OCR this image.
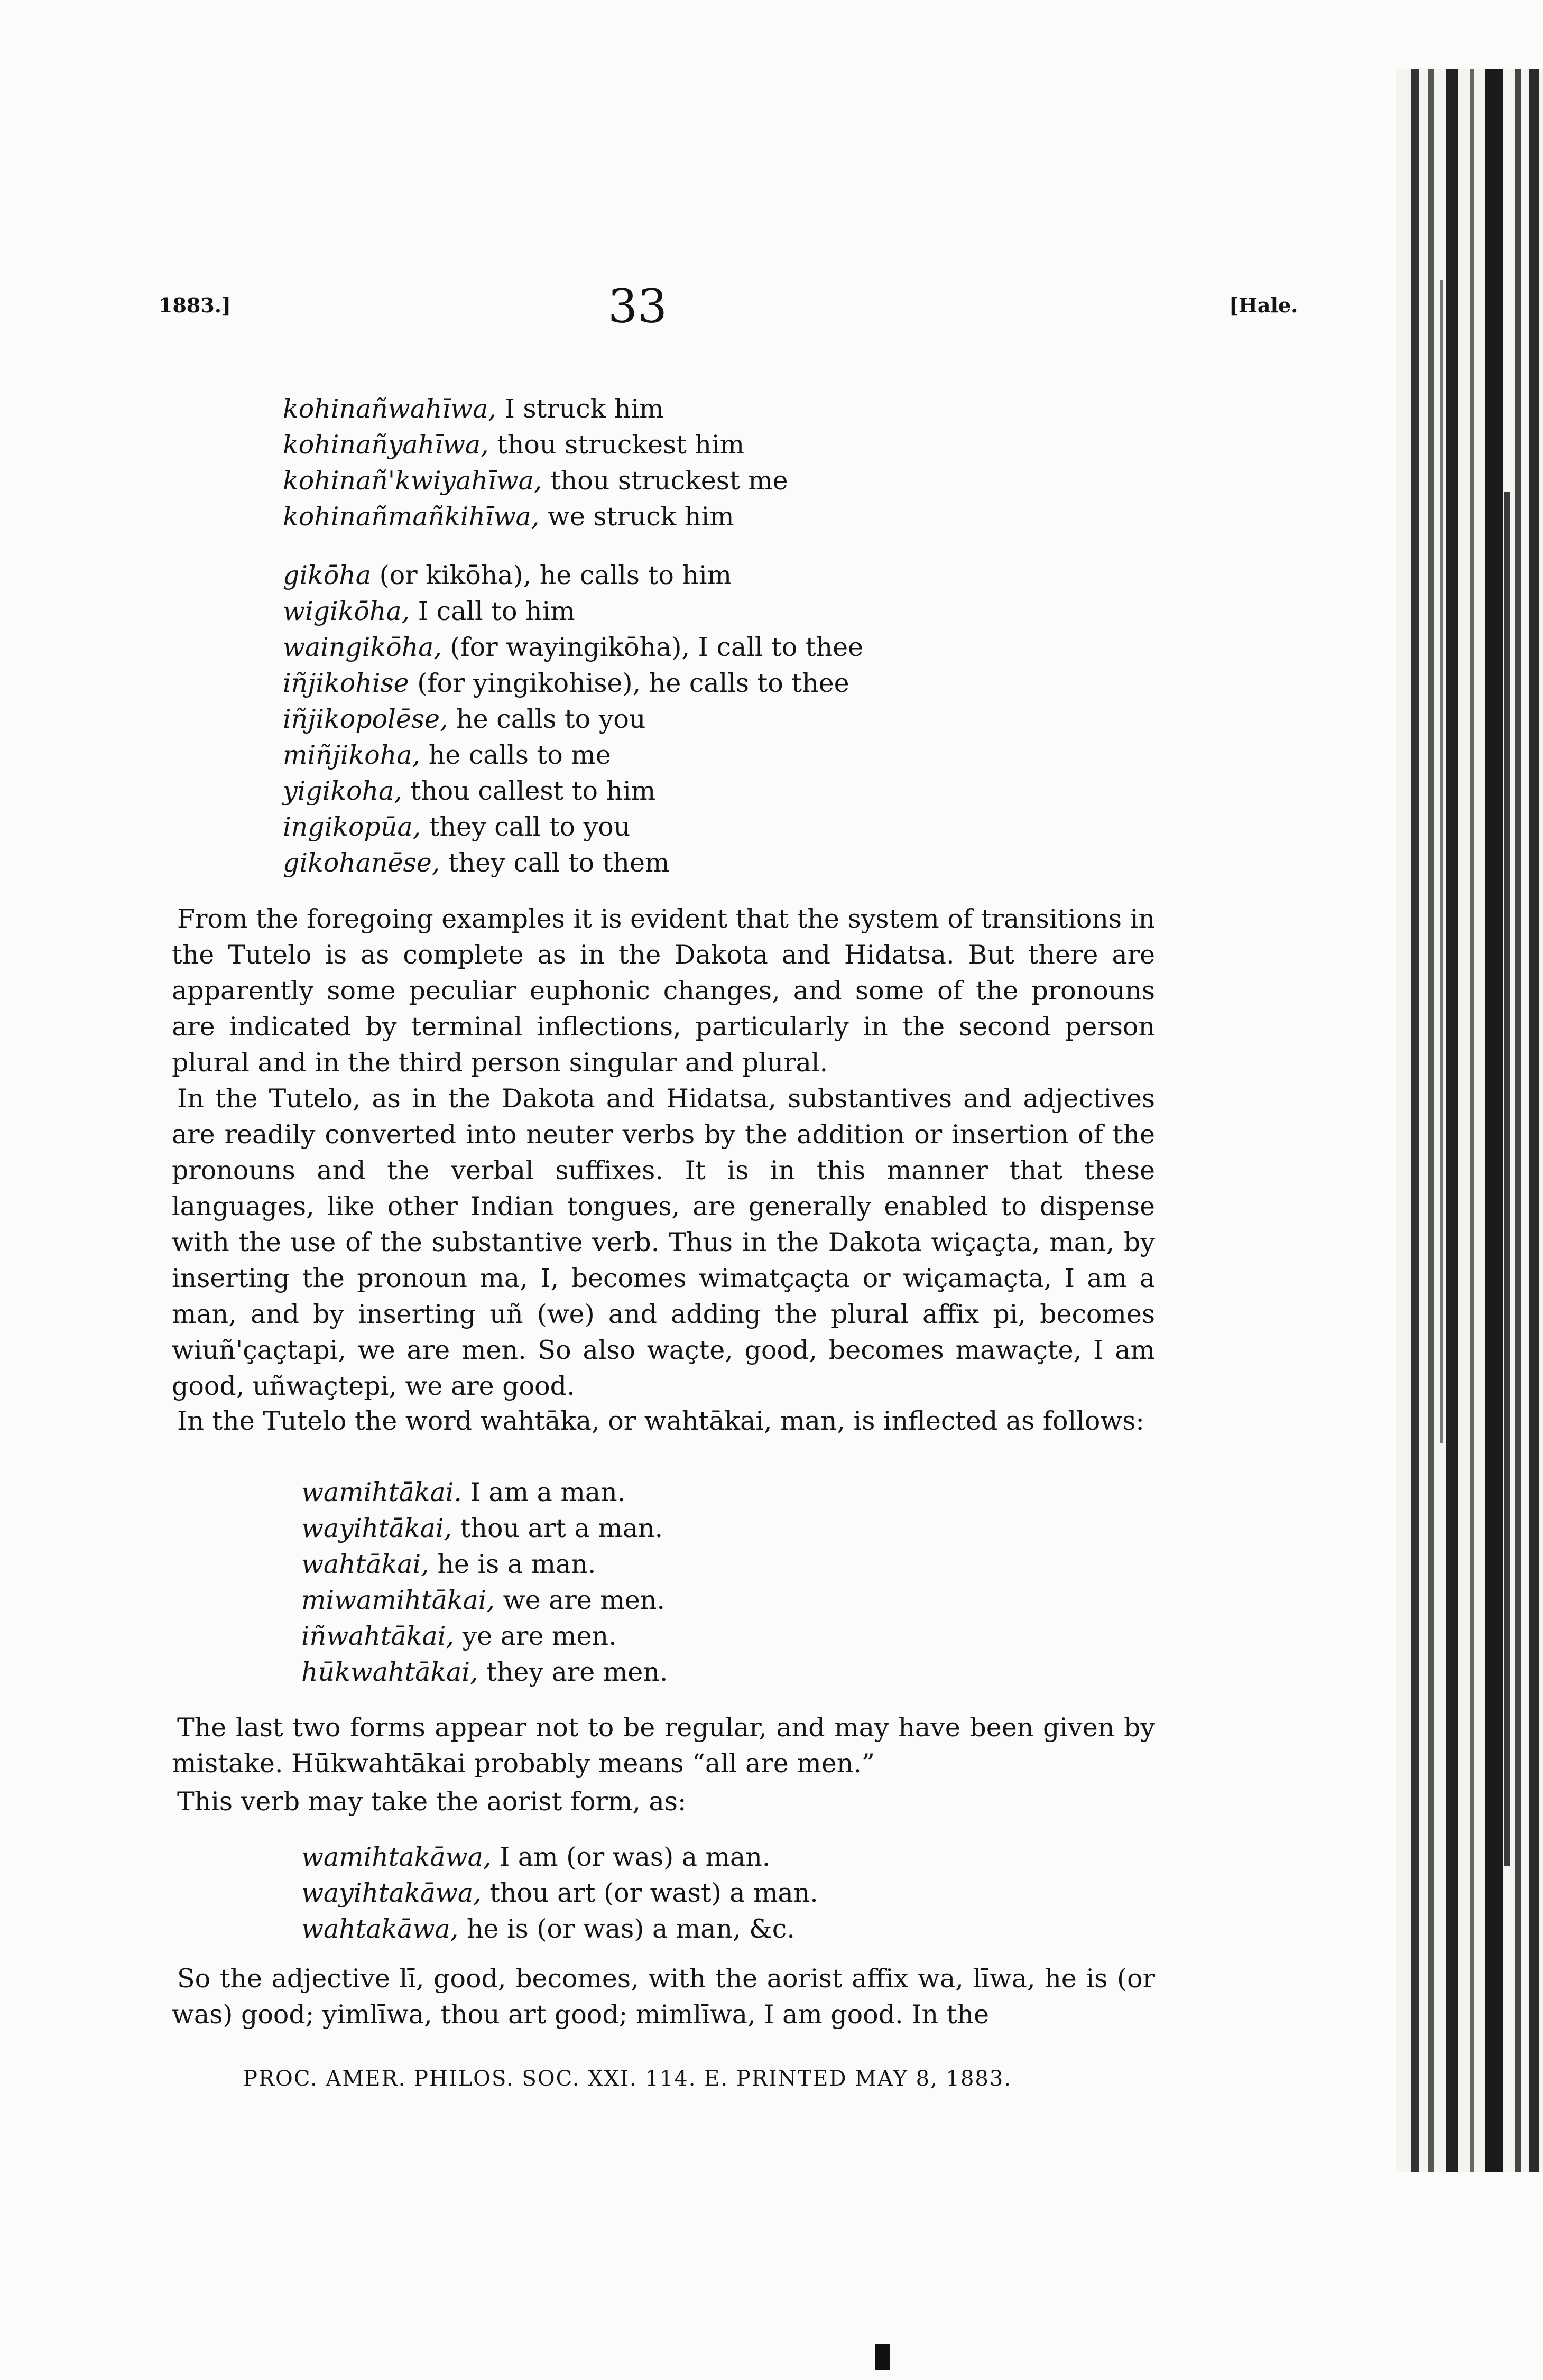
1883.]	33	[Hale.
kohinañwahīwa, I struck him
kohinañyahīwa, thou struckest him
kohinañ'kwiyahīwa, thou struckest me
kohinañmañkihīwa, we struck him
gikōha (or kikōha), he calls to him
wigikōha, I call to him
waingikōha, (for wayingikōha), I call to thee
iñjikohise (for yingikohise), he calls to thee
iñjikopolēse, he calls to you
miñjikoha, he calls to me
yigikoha, thou callest to him
ingikopūa, they call to you
gikohanēse, they call to them

From the foregoing examples it is evident that the system of transitions in the Tutelo is as complete as in the Dakota and Hidatsa. But there are apparently some peculiar euphonic changes, and some of the pronouns are indicated by terminal inflections, particularly in the second person plural and in the third person singular and plural.

In the Tutelo, as in the Dakota and Hidatsa, substantives and adjectives are readily converted into neuter verbs by the addition or insertion of the pronouns and the verbal suffixes. It is in this manner that these languages, like other Indian tongues, are generally enabled to dispense with the use of the substantive verb. Thus in the Dakota wiçaçta, man, by inserting the pronoun ma, I, becomes wimatçaçta or wiçamaçta, I am a man, and by inserting uñ (we) and adding the plural affix pi, becomes wiuñ'çaçtapi, we are men. So also waçte, good, becomes mawaçte, I am good, uñwaçtepi, we are good.

In the Tutelo the word wahtāka, or wahtākai, man, is inflected as follows:

wamihtākai. I am a man.
wayihtākai, thou art a man.
wahtākai, he is a man.
miwamihtākai, we are men.
iñwahtākai, ye are men.
hūkwahtākai, they are men.

The last two forms appear not to be regular, and may have been given by mistake. Hūkwahtākai probably means “all are men.”

This verb may take the aorist form, as:

wamihtakāwa, I am (or was) a man.
wayihtakāwa, thou art (or wast) a man.
wahtakāwa, he is (or was) a man, &c.

So the adjective lī, good, becomes, with the aorist affix wa, līwa, he is (or was) good; yimlīwa, thou art good; mimlīwa, I am good. In the

PROC. AMER. PHILOS. SOC. XXI. 114. E. PRINTED MAY 8, 1883.
